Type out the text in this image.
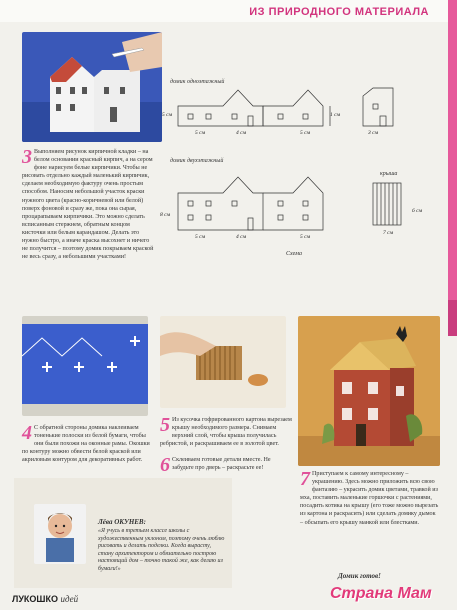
ИЗ ПРИРОДНОГО МАТЕРИАЛА
3 Выполняем рисунок кирпичной кладки – на белом основании красный кирпич, а на сером фоне нарисуем белые кирпичики. Чтобы не рисовать отдельно каждый маленький кирпичик, сделаем необходимую фактуру очень простым способом. Наносим небольшой участок краски нужного цвета (красно-коричневой или белой) поверх фоновой и сразу же, пока она сырая, процарапываем кирпичики. Это можно сделать всписанным стержнем, обратным концом кисточки или белым карандашом. Делать это нужно быстро, а иначе краска высохнет и ничего не получится – поэтому домик покрываем краской не весь сразу, а небольшими участками!
домик одноэтажный
5 см
5 см	4 см	5 см
1 см
3 см
домик двухэтажный
крыша
8 см
5 см	4 см	5 см
7 см
6 см
Схема
4 С обратной стороны домика наклеиваем тоненькие полоски из белой бумаги, чтобы они были похожи на оконные рамы. Окошки по контуру можно обвести белой краской или акриловым контуром для декоративных работ.
5 Из кусочка гофрированного картона вырезаем крышу необходимого размера. Снимаем верхний слой, чтобы крыша получилась ребристой, и раскрашиваем ее в золотой цвет.
6 Склеиваем готовые детали вместе. Не забудьте про дверь – раскрасьте ее!	7 Приступаем к самому интересному – украшению. Здесь можно приложить всю свою фантазию – украсить домик цветами, травкой из мха, поставить маленькие горшочки с растениями, посадить котика на крышу (его тоже можно вырезать из картона и раскрасить) или сделать домику дымок – обсыпать его крышу манкой или блестками.
Домик готов!
Лёва ОКУНЕВ:
«Я учусь в третьем классе школы с художественным уклоном, поэтому очень люблю рисовать и делать поделки. Когда вырасту, стану архитектором и обязательно построю настоящий дом – точно такой же, как делаю из бумаги!»
ЛУКОШКО идей	Страна Мам
